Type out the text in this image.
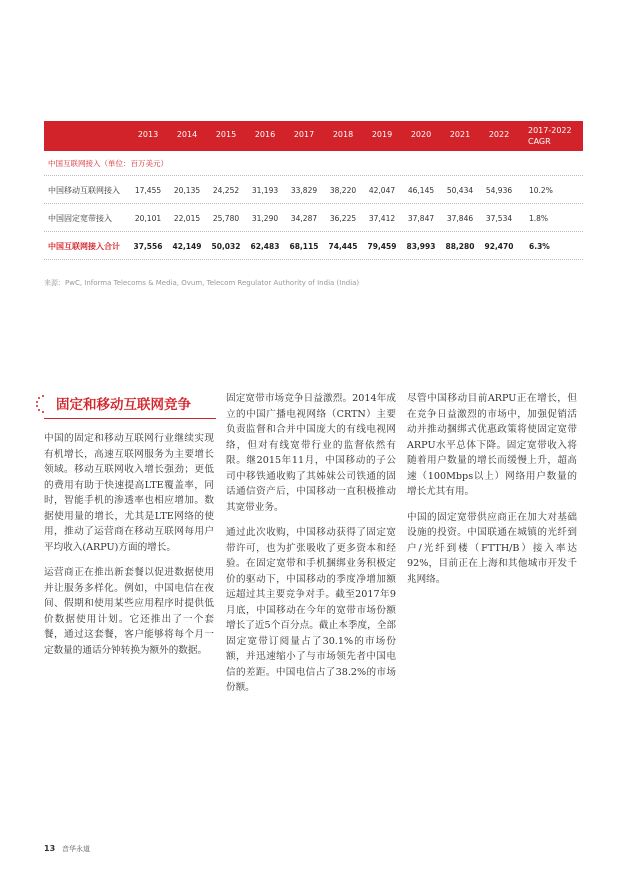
2013	2014	2015	2016	2017	2018	2019	2020	2021	2022	2017-2022
CAGR
中国互联网接入（单位：百万美元）
中国移动互联网接入	17,455	20,135	24,252	31,193	33,829	38,220	42,047	46,145	50,434	54,936	10.2%
中国固定宽带接入	20,101	22,015	25,780	31,290	34,287	36,225	37,412	37,847	37,846	37,534	1.8%
中国互联网接入合计	37,556	42,149	50,032	62,483	68,115	74,445	79,459	83,993	88,280	92,470	6.3%
来源：PwC, Informa Telecoms & Media, Ovum, Telecom Regulator Authority of India (India)
固定和移动互联网竞争

中国的固定和移动互联网行业继续实现有机增长，高速互联网服务为主要增长领域。移动互联网收入增长强劲；更低的费用有助于快速提高LTE覆盖率，同时，智能手机的渗透率也相应增加。数据使用量的增长，尤其是LTE网络的使用，推动了运营商在移动互联网每用户平均收入(ARPU)方面的增长。

运营商正在推出新套餐以促进数据使用并让服务多样化。例如，中国电信在夜间、假期和使用某些应用程序时提供低价数据使用计划。它还推出了一个套餐，通过这套餐，客户能够将每个月一定数量的通话分钟转换为额外的数据。

固定宽带市场竞争日益激烈。2014年成立的中国广播电视网络（CRTN）主要负责监督和合并中国庞大的有线电视网络，但对有线宽带行业的监督依然有限。继2015年11月，中国移动的子公司中移铁通收购了其姊妹公司铁通的固话通信资产后，中国移动一直积极推动其宽带业务。

通过此次收购，中国移动获得了固定宽带许可，也为扩张吸收了更多资本和经验。在固定宽带和手机捆绑业务积极定价的驱动下，中国移动的季度净增加额远超过其主要竞争对手。截至2017年9月底，中国移动在今年的宽带市场份额增长了近5个百分点。截止本季度，全部固定宽带订阅量占了30.1%的市场份额，并迅速缩小了与市场领先者中国电信的差距。中国电信占了38.2%的市场份额。

尽管中国移动目前ARPU正在增长，但在竞争日益激烈的市场中，加强促销活动并推动捆绑式优惠政策将使固定宽带ARPU水平总体下降。固定宽带收入将随着用户数量的增长而缓慢上升，超高速（100Mbps以上）网络用户数量的增长尤其有用。

中国的固定宽带供应商正在加大对基础设施的投资。中国联通在城镇的光纤到户/光纤到楼（FTTH/B）接入率达92%，目前正在上海和其他城市开发千兆网络。

13 音华永道
